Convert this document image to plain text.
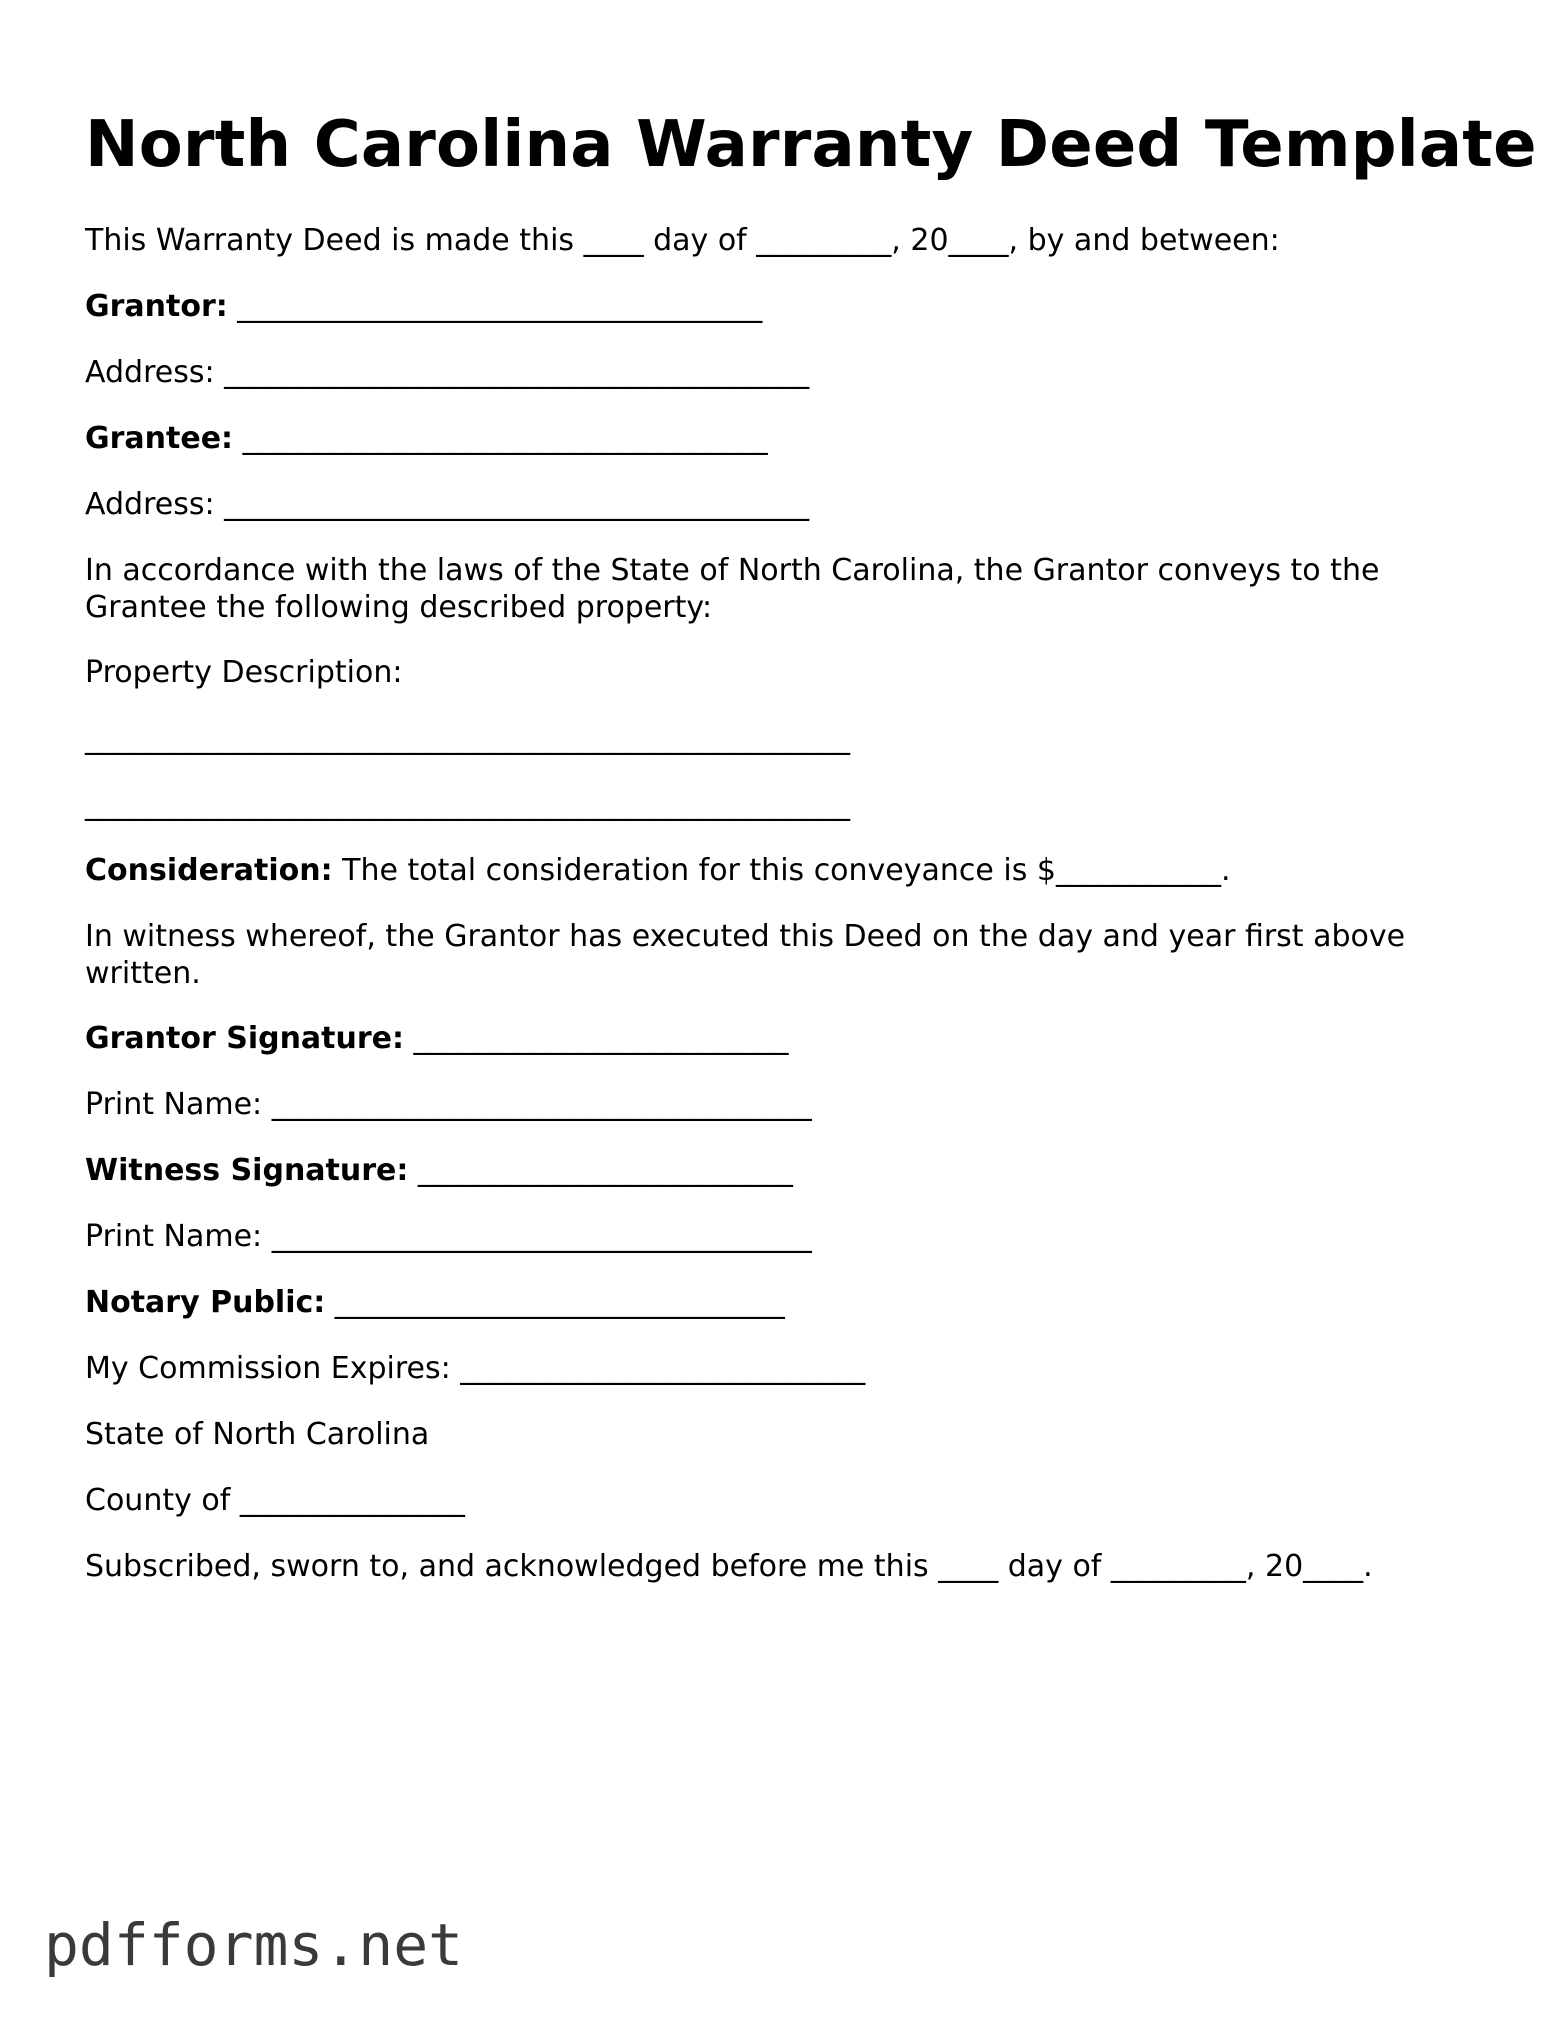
North Carolina Warranty Deed Template
This Warranty Deed is made this ____ day of _________, 20____, by and between:
Grantor: ___________________________________
Address: _______________________________________
Grantee: ___________________________________
Address: _______________________________________
In accordance with the laws of the State of North Carolina, the Grantor conveys to the Grantee the following described property:
Property Description:
___________________________________________________
___________________________________________________
Consideration: The total consideration for this conveyance is $___________.
In witness whereof, the Grantor has executed this Deed on the day and year first above written.
Grantor Signature: _________________________
Print Name: ____________________________________
Witness Signature: _________________________
Print Name: ____________________________________
Notary Public: ______________________________
My Commission Expires: ___________________________
State of North Carolina
County of _______________
Subscribed, sworn to, and acknowledged before me this ____ day of _________, 20____.
pdfforms.net
